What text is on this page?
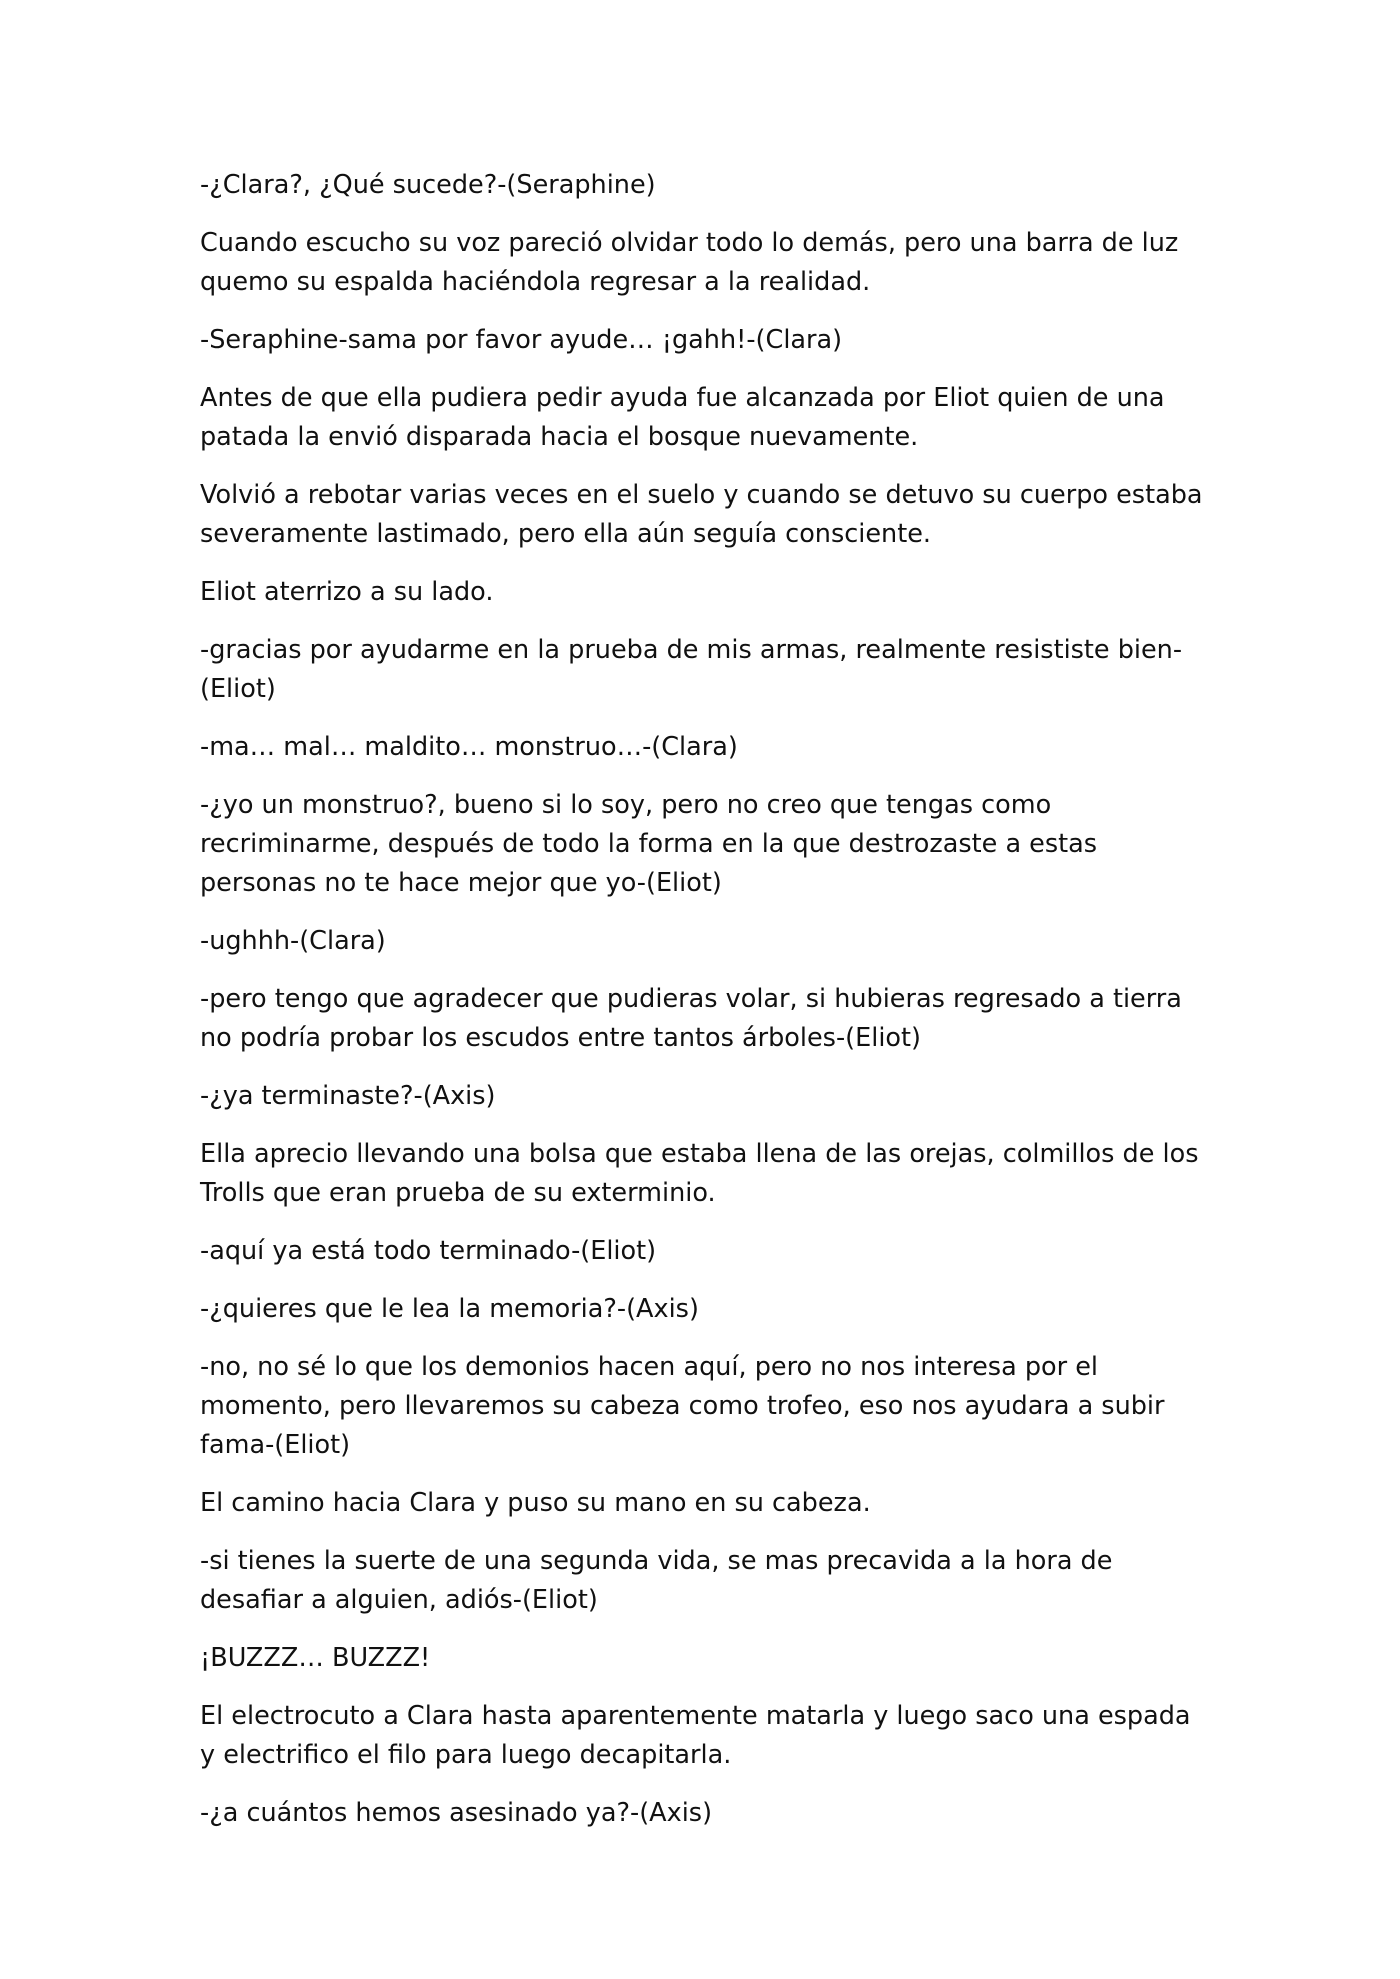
-¿Clara?, ¿Qué sucede?-(Seraphine)

Cuando escucho su voz pareció olvidar todo lo demás, pero una barra de luz quemo su espalda haciéndola regresar a la realidad.

-Seraphine-sama por favor ayude… ¡gahh!-(Clara)

Antes de que ella pudiera pedir ayuda fue alcanzada por Eliot quien de una patada la envió disparada hacia el bosque nuevamente.

Volvió a rebotar varias veces en el suelo y cuando se detuvo su cuerpo estaba severamente lastimado, pero ella aún seguía consciente.

Eliot aterrizo a su lado.

-gracias por ayudarme en la prueba de mis armas, realmente resististe bien-(Eliot)

-ma… mal… maldito… monstruo…-(Clara)

-¿yo un monstruo?, bueno si lo soy, pero no creo que tengas como recriminarme, después de todo la forma en la que destrozaste a estas personas no te hace mejor que yo-(Eliot)

-ughhh-(Clara)

-pero tengo que agradecer que pudieras volar, si hubieras regresado a tierra no podría probar los escudos entre tantos árboles-(Eliot)

-¿ya terminaste?-(Axis)

Ella aprecio llevando una bolsa que estaba llena de las orejas, colmillos de los Trolls que eran prueba de su exterminio.

-aquí ya está todo terminado-(Eliot)

-¿quieres que le lea la memoria?-(Axis)

-no, no sé lo que los demonios hacen aquí, pero no nos interesa por el momento, pero llevaremos su cabeza como trofeo, eso nos ayudara a subir fama-(Eliot)

El camino hacia Clara y puso su mano en su cabeza.

-si tienes la suerte de una segunda vida, se mas precavida a la hora de desafiar a alguien, adiós-(Eliot)

¡BUZZZ… BUZZZ!

El electrocuto a Clara hasta aparentemente matarla y luego saco una espada y electrifico el filo para luego decapitarla.

-¿a cuántos hemos asesinado ya?-(Axis)
